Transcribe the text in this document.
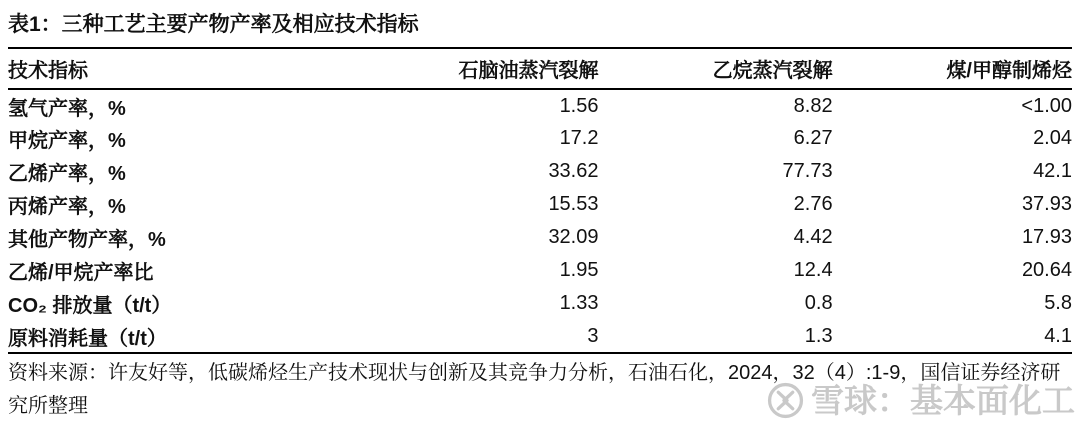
表1：三种工艺主要产物产率及相应技术指标
技术指标	石脑油蒸汽裂解	乙烷蒸汽裂解	煤/甲醇制烯烃
氢气产率，%	1.56	8.82	<1.00
甲烷产率，%	17.2	6.27	2.04
乙烯产率，%	33.62	77.73	42.1
丙烯产率，%	15.53	2.76	37.93
其他产物产率，%	32.09	4.42	17.93
乙烯/甲烷产率比	1.95	12.4	20.64
CO₂ 排放量（t/t）	1.33	0.8	5.8
原料消耗量（t/t）	3	1.3	4.1
资料来源：许友好等，低碳烯烃生产技术现状与创新及其竞争力分析，石油石化，2024，32（4）:1-9，国信证券经济研究所整理	雪球：基本面化工
